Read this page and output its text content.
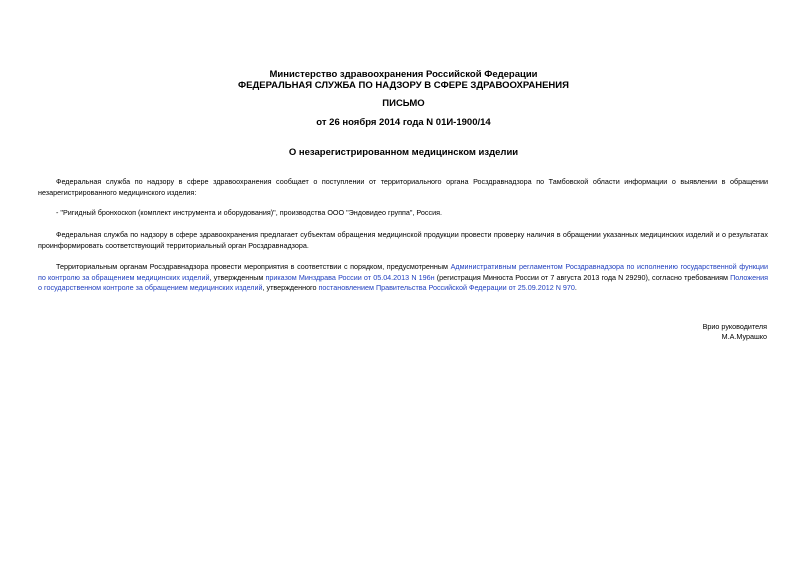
Министерство здравоохранения Российской Федерации
ФЕДЕРАЛЬНАЯ СЛУЖБА ПО НАДЗОРУ В СФЕРЕ ЗДРАВООХРАНЕНИЯ
ПИСЬМО
от 26 ноября 2014 года N 01И-1900/14
О незарегистрированном медицинском изделии
Федеральная служба по надзору в сфере здравоохранения сообщает о поступлении от территориального органа Росздравнадзора по Тамбовской области информации о выявлении в обращении незарегистрированного медицинского изделия:
- "Ригидный бронхоскоп (комплект инструмента и оборудования)", производства ООО "Эндовидео группа", Россия.
Федеральная служба по надзору в сфере здравоохранения предлагает субъектам обращения медицинской продукции провести проверку наличия в обращении указанных медицинских изделий и о результатах проинформировать соответствующий территориальный орган Росздравнадзора.
Территориальным органам Росздравнадзора провести мероприятия в соответствии с порядком, предусмотренным Административным регламентом Росздравнадзора по исполнению государственной функции по контролю за обращением медицинских изделий, утвержденным приказом Минздрава России от 05.04.2013 N 196н (регистрация Минюста России от 7 августа 2013 года N 29290), согласно требованиям Положения о государственном контроле за обращением медицинских изделий, утвержденного постановлением Правительства Российской Федерации от 25.09.2012 N 970.
Врио руководителя
М.А.Мурашко
